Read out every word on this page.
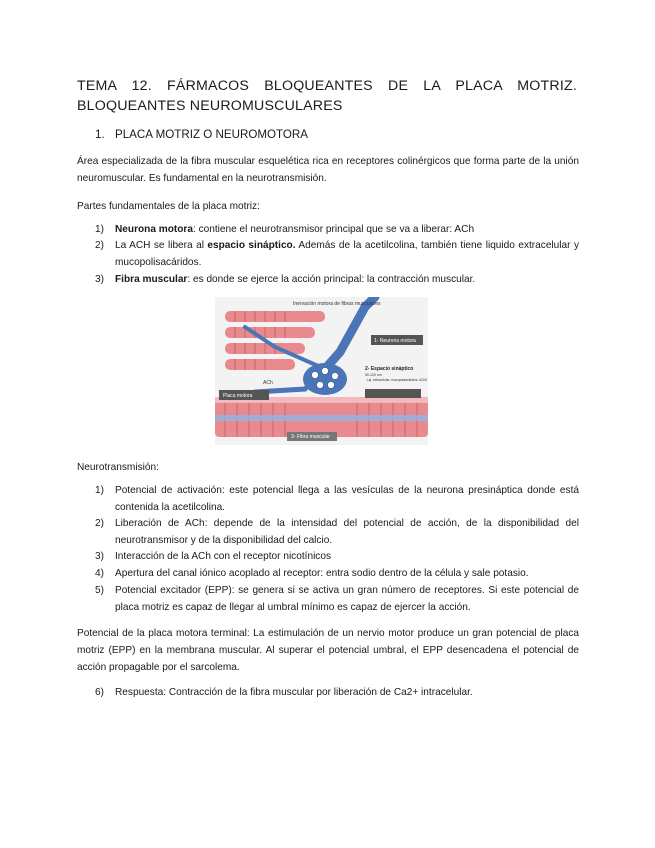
TEMA 12. FÁRMACOS BLOQUEANTES DE LA PLACA MOTRIZ. BLOQUEANTES NEUROMUSCULARES
1. PLACA MOTRIZ O NEUROMOTORA
Área especializada de la fibra muscular esquelética rica en receptores colinérgicos que forma parte de la unión neuromuscular. Es fundamental en la neurotransmisión.
Partes fundamentales de la placa motriz:
1) Neurona motora: contiene el neurotransmisor principal que se va a liberar: ACh
2) La ACH se libera al espacio sináptico. Además de la acetilcolina, también tiene liquido extracelular y mucopolisacáridos.
3) Fibra muscular: es donde se ejerce la acción principal: la contracción muscular.
Inervación motora de fibras musculares
1- Neurona motora
2- Espacio sináptico
50-100 nm
- Liq. extracelular, mucopolisacáridos, AChE
ACh
Placa motora
3- Fibra muscular
Neurotransmisión:
1) Potencial de activación: este potencial llega a las vesículas de la neurona presináptica donde está contenida la acetilcolina.
2) Liberación de ACh: depende de la intensidad del potencial de acción, de la disponibilidad del neurotransmisor y de la disponibilidad del calcio.
3) Interacción de la ACh con el receptor nicotínicos
4) Apertura del canal iónico acoplado al receptor: entra sodio dentro de la célula y sale potasio.
5) Potencial excitador (EPP): se genera si se activa un gran número de receptores. Si este potencial de placa motriz es capaz de llegar al umbral mínimo es capaz de ejercer la acción.
Potencial de la placa motora terminal: La estimulación de un nervio motor produce un gran potencial de placa motriz (EPP) en la membrana muscular. Al superar el potencial umbral, el EPP desencadena el potencial de acción propagable por el sarcolema.
6) Respuesta: Contracción de la fibra muscular por liberación de Ca2+ intracelular.
